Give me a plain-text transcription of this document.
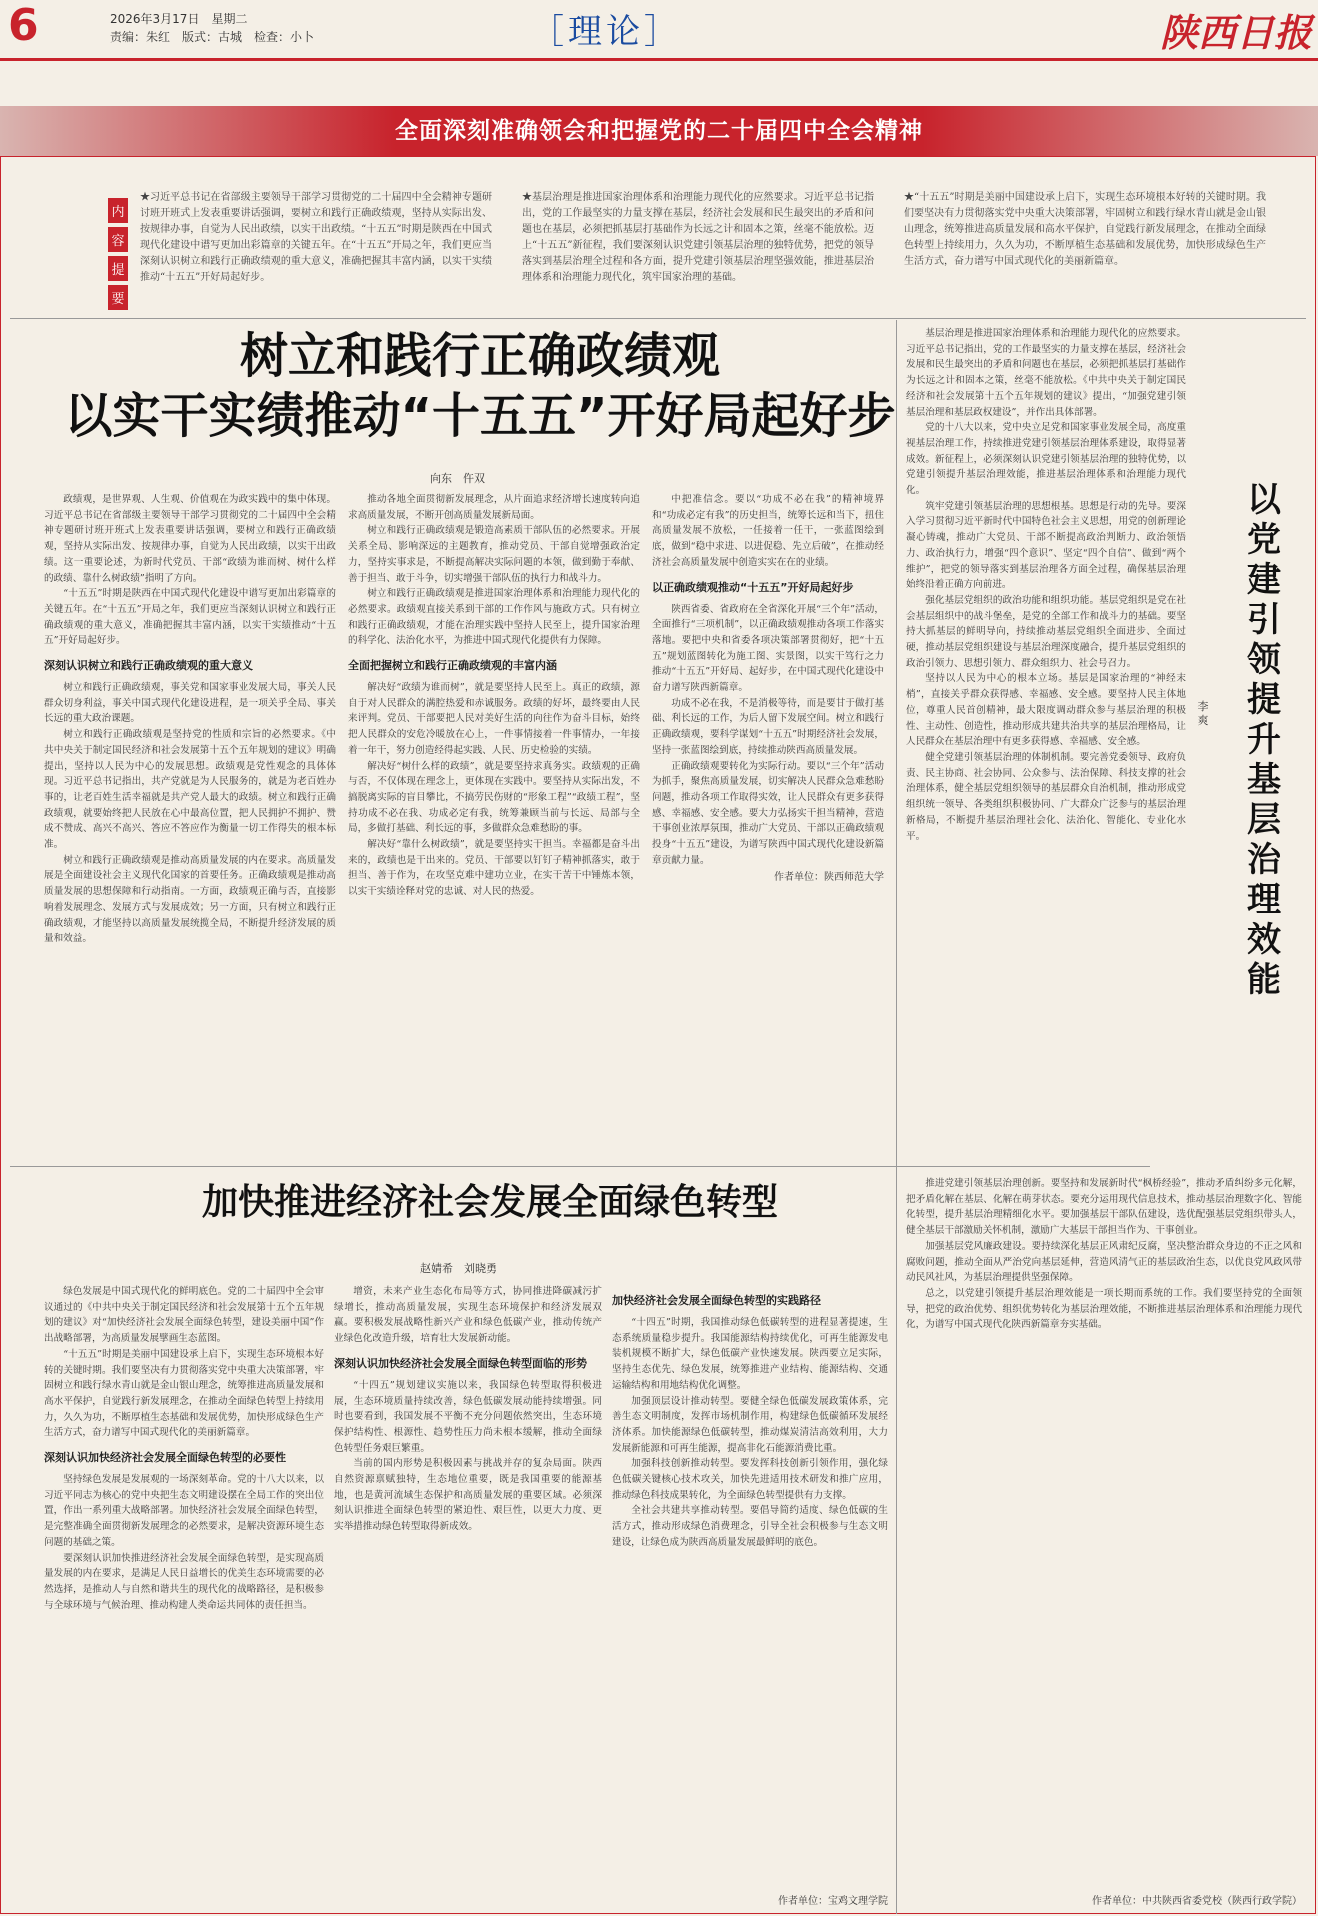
6	2026年3月17日　星期二
责编：朱红　版式：古城　检查：小卜	［理论］	陕西日报
全面深刻准确领会和把握党的二十届四中全会精神
内
容
提
要
★习近平总书记在省部级主要领导干部学习贯彻党的二十届四中全会精神专题研讨班开班式上发表重要讲话强调，要树立和践行正确政绩观，坚持从实际出发、按规律办事，自觉为人民出政绩，以实干出政绩。“十五五”时期是陕西在中国式现代化建设中谱写更加出彩篇章的关键五年。在“十五五”开局之年，我们更应当深刻认识树立和践行正确政绩观的重大意义，准确把握其丰富内涵，以实干实绩推动“十五五”开好局起好步。
★基层治理是推进国家治理体系和治理能力现代化的应然要求。习近平总书记指出，党的工作最坚实的力量支撑在基层，经济社会发展和民生最突出的矛盾和问题也在基层，必须把抓基层打基础作为长远之计和固本之策，丝毫不能放松。迈上“十五五”新征程，我们要深刻认识党建引领基层治理的独特优势，把党的领导落实到基层治理全过程和各方面，提升党建引领基层治理坚强效能，推进基层治理体系和治理能力现代化，筑牢国家治理的基础。
★“十五五”时期是美丽中国建设承上启下，实现生态环境根本好转的关键时期。我们要坚决有力贯彻落实党中央重大决策部署，牢固树立和践行绿水青山就是金山银山理念，统筹推进高质量发展和高水平保护，自觉践行新发展理念，在推动全面绿色转型上持续用力，久久为功，不断厚植生态基础和发展优势，加快形成绿色生产生活方式，奋力谱写中国式现代化的美丽新篇章。
树立和践行正确政绩观
以实干实绩推动“十五五”开好局起好步
向东　仵双

政绩观，是世界观、人生观、价值观在为政实践中的集中体现。习近平总书记在省部级主要领导干部学习贯彻党的二十届四中全会精神专题研讨班开班式上发表重要讲话强调，要树立和践行正确政绩观，坚持从实际出发、按规律办事，自觉为人民出政绩，以实干出政绩。这一重要论述，为新时代党员、干部“政绩为谁而树、树什么样的政绩、靠什么树政绩”指明了方向。

“十五五”时期是陕西在中国式现代化建设中谱写更加出彩篇章的关键五年。在“十五五”开局之年，我们更应当深刻认识树立和践行正确政绩观的重大意义，准确把握其丰富内涵，以实干实绩推动“十五五”开好局起好步。

深刻认识树立和践行正确政绩观的重大意义

树立和践行正确政绩观，事关党和国家事业发展大局，事关人民群众切身利益，事关中国式现代化建设进程，是一项关乎全局、事关长远的重大政治课题。

树立和践行正确政绩观是坚持党的性质和宗旨的必然要求。《中共中央关于制定国民经济和社会发展第十五个五年规划的建议》明确提出，坚持以人民为中心的发展思想。政绩观是党性观念的具体体现。习近平总书记指出，共产党就是为人民服务的，就是为老百姓办事的，让老百姓生活幸福就是共产党人最大的政绩。树立和践行正确政绩观，就要始终把人民放在心中最高位置，把人民拥护不拥护、赞成不赞成、高兴不高兴、答应不答应作为衡量一切工作得失的根本标准。

树立和践行正确政绩观是推动高质量发展的内在要求。高质量发展是全面建设社会主义现代化国家的首要任务。正确政绩观是推动高质量发展的思想保障和行动指南。一方面，政绩观正确与否，直接影响着发展理念、发展方式与发展成效；另一方面，只有树立和践行正确政绩观，才能坚持以高质量发展统揽全局，不断提升经济发展的质量和效益。

推动各地全面贯彻新发展理念，从片面追求经济增长速度转向追求高质量发展，不断开创高质量发展新局面。

树立和践行正确政绩观是锻造高素质干部队伍的必然要求。开展关系全局、影响深远的主题教育，推动党员、干部自觉增强政治定力，坚持实事求是，不断提高解决实际问题的本领，做到勤于奉献、善于担当、敢于斗争，切实增强干部队伍的执行力和战斗力。

树立和践行正确政绩观是推进国家治理体系和治理能力现代化的必然要求。政绩观直接关系到干部的工作作风与施政方式。只有树立和践行正确政绩观，才能在治理实践中坚持人民至上，提升国家治理的科学化、法治化水平，为推进中国式现代化提供有力保障。

全面把握树立和践行正确政绩观的丰富内涵

解决好“政绩为谁而树”，就是要坚持人民至上。真正的政绩，源自于对人民群众的满腔热爱和赤诚服务。政绩的好坏，最终要由人民来评判。党员、干部要把人民对美好生活的向往作为奋斗目标，始终把人民群众的安危冷暖放在心上，一件事情接着一件事情办，一年接着一年干，努力创造经得起实践、人民、历史检验的实绩。

解决好“树什么样的政绩”，就是要坚持求真务实。政绩观的正确与否，不仅体现在理念上，更体现在实践中。要坚持从实际出发，不搞脱离实际的盲目攀比，不搞劳民伤财的“形象工程”“政绩工程”，坚持功成不必在我、功成必定有我，统筹兼顾当前与长远、局部与全局，多做打基础、利长远的事，多做群众急难愁盼的事。

解决好“靠什么树政绩”，就是要坚持实干担当。幸福都是奋斗出来的，政绩也是干出来的。党员、干部要以钉钉子精神抓落实，敢于担当、善于作为，在攻坚克难中建功立业，在实干苦干中锤炼本领，以实干实绩诠释对党的忠诚、对人民的热爱。

中把准信念。要以“功成不必在我”的精神境界和“功成必定有我”的历史担当，统筹长远和当下，扭住高质量发展不放松，一任接着一任干，一张蓝图绘到底，做到“稳中求进、以进促稳、先立后破”，在推动经济社会高质量发展中创造实实在在的业绩。

以正确政绩观推动“十五五”开好局起好步

陕西省委、省政府在全省深化开展“三个年”活动，全面推行“三项机制”，以正确政绩观推动各项工作落实落地。要把中央和省委各项决策部署贯彻好，把“十五五”规划蓝图转化为施工图、实景图，以实干笃行之力推动“十五五”开好局、起好步，在中国式现代化建设中奋力谱写陕西新篇章。

功成不必在我，不是消极等待，而是要甘于做打基础、利长远的工作，为后人留下发展空间。树立和践行正确政绩观，要科学谋划“十五五”时期经济社会发展，坚持一张蓝图绘到底，持续推动陕西高质量发展。

正确政绩观要转化为实际行动。要以“三个年”活动为抓手，聚焦高质量发展，切实解决人民群众急难愁盼问题，推动各项工作取得实效，让人民群众有更多获得感、幸福感、安全感。要大力弘扬实干担当精神，营造干事创业浓厚氛围，推动广大党员、干部以正确政绩观投身“十五五”建设，为谱写陕西中国式现代化建设新篇章贡献力量。

作者单位：陕西师范大学
以党建引领提升基层治理效能
李爽

基层治理是推进国家治理体系和治理能力现代化的应然要求。习近平总书记指出，党的工作最坚实的力量支撑在基层，经济社会发展和民生最突出的矛盾和问题也在基层，必须把抓基层打基础作为长远之计和固本之策，丝毫不能放松。《中共中央关于制定国民经济和社会发展第十五个五年规划的建议》提出，“加强党建引领基层治理和基层政权建设”，并作出具体部署。

党的十八大以来，党中央立足党和国家事业发展全局，高度重视基层治理工作，持续推进党建引领基层治理体系建设，取得显著成效。新征程上，必须深刻认识党建引领基层治理的独特优势，以党建引领提升基层治理效能，推进基层治理体系和治理能力现代化。

筑牢党建引领基层治理的思想根基。思想是行动的先导。要深入学习贯彻习近平新时代中国特色社会主义思想，用党的创新理论凝心铸魂，推动广大党员、干部不断提高政治判断力、政治领悟力、政治执行力，增强“四个意识”、坚定“四个自信”、做到“两个维护”，把党的领导落实到基层治理各方面全过程，确保基层治理始终沿着正确方向前进。

强化基层党组织的政治功能和组织功能。基层党组织是党在社会基层组织中的战斗堡垒，是党的全部工作和战斗力的基础。要坚持大抓基层的鲜明导向，持续推动基层党组织全面进步、全面过硬，推动基层党组织建设与基层治理深度融合，提升基层党组织的政治引领力、思想引领力、群众组织力、社会号召力。

坚持以人民为中心的根本立场。基层是国家治理的“神经末梢”，直接关乎群众获得感、幸福感、安全感。要坚持人民主体地位，尊重人民首创精神，最大限度调动群众参与基层治理的积极性、主动性、创造性，推动形成共建共治共享的基层治理格局，让人民群众在基层治理中有更多获得感、幸福感、安全感。

健全党建引领基层治理的体制机制。要完善党委领导、政府负责、民主协商、社会协同、公众参与、法治保障、科技支撑的社会治理体系，健全基层党组织领导的基层群众自治机制，推动形成党组织统一领导、各类组织积极协同、广大群众广泛参与的基层治理新格局，不断提升基层治理社会化、法治化、智能化、专业化水平。

推进党建引领基层治理创新。要坚持和发展新时代“枫桥经验”，推动矛盾纠纷多元化解，把矛盾化解在基层、化解在萌芽状态。要充分运用现代信息技术，推动基层治理数字化、智能化转型，提升基层治理精细化水平。要加强基层干部队伍建设，选优配强基层党组织带头人，健全基层干部激励关怀机制，激励广大基层干部担当作为、干事创业。

加强基层党风廉政建设。要持续深化基层正风肃纪反腐，坚决整治群众身边的不正之风和腐败问题，推动全面从严治党向基层延伸，营造风清气正的基层政治生态，以优良党风政风带动民风社风，为基层治理提供坚强保障。

总之，以党建引领提升基层治理效能是一项长期而系统的工作。我们要坚持党的全面领导，把党的政治优势、组织优势转化为基层治理效能，不断推进基层治理体系和治理能力现代化，为谱写中国式现代化陕西新篇章夯实基础。

作者单位：中共陕西省委党校（陕西行政学院）
加快推进经济社会发展全面绿色转型
赵婧希　刘晓勇

绿色发展是中国式现代化的鲜明底色。党的二十届四中全会审议通过的《中共中央关于制定国民经济和社会发展第十五个五年规划的建议》对“加快经济社会发展全面绿色转型，建设美丽中国”作出战略部署，为高质量发展擘画生态蓝图。

“十五五”时期是美丽中国建设承上启下，实现生态环境根本好转的关键时期。我们要坚决有力贯彻落实党中央重大决策部署，牢固树立和践行绿水青山就是金山银山理念，统筹推进高质量发展和高水平保护，自觉践行新发展理念，在推动全面绿色转型上持续用力，久久为功，不断厚植生态基础和发展优势，加快形成绿色生产生活方式，奋力谱写中国式现代化的美丽新篇章。

深刻认识加快经济社会发展全面绿色转型的必要性

坚持绿色发展是发展观的一场深刻革命。党的十八大以来，以习近平同志为核心的党中央把生态文明建设摆在全局工作的突出位置，作出一系列重大战略部署。加快经济社会发展全面绿色转型，是完整准确全面贯彻新发展理念的必然要求，是解决资源环境生态问题的基础之策。

要深刻认识加快推进经济社会发展全面绿色转型，是实现高质量发展的内在要求，是满足人民日益增长的优美生态环境需要的必然选择，是推动人与自然和谐共生的现代化的战略路径，是积极参与全球环境与气候治理、推动构建人类命运共同体的责任担当。

增资，未来产业生态化布局等方式，协同推进降碳减污扩绿增长，推动高质量发展，实现生态环境保护和经济发展双赢。要积极发展战略性新兴产业和绿色低碳产业，推动传统产业绿色化改造升级，培育壮大发展新动能。

深刻认识加快经济社会发展全面绿色转型面临的形势

“十四五”规划建议实施以来，我国绿色转型取得积极进展，生态环境质量持续改善，绿色低碳发展动能持续增强。同时也要看到，我国发展不平衡不充分问题依然突出，生态环境保护结构性、根源性、趋势性压力尚未根本缓解，推动全面绿色转型任务艰巨繁重。

当前的国内形势是积极因素与挑战并存的复杂局面。陕西自然资源禀赋独特，生态地位重要，既是我国重要的能源基地，也是黄河流域生态保护和高质量发展的重要区域。必须深刻认识推进全面绿色转型的紧迫性、艰巨性，以更大力度、更实举措推动绿色转型取得新成效。

加快经济社会发展全面绿色转型的实践路径

“十四五”时期，我国推动绿色低碳转型的进程显著提速，生态系统质量稳步提升。我国能源结构持续优化，可再生能源发电装机规模不断扩大，绿色低碳产业快速发展。陕西要立足实际，坚持生态优先、绿色发展，统筹推进产业结构、能源结构、交通运输结构和用地结构优化调整。

加强顶层设计推动转型。要健全绿色低碳发展政策体系，完善生态文明制度，发挥市场机制作用，构建绿色低碳循环发展经济体系。加快能源绿色低碳转型，推动煤炭清洁高效利用，大力发展新能源和可再生能源，提高非化石能源消费比重。

加强科技创新推动转型。要发挥科技创新引领作用，强化绿色低碳关键核心技术攻关，加快先进适用技术研发和推广应用，推动绿色科技成果转化，为全面绿色转型提供有力支撑。

全社会共建共享推动转型。要倡导简约适度、绿色低碳的生活方式，推动形成绿色消费理念，引导全社会积极参与生态文明建设，让绿色成为陕西高质量发展最鲜明的底色。

作者单位：宝鸡文理学院
